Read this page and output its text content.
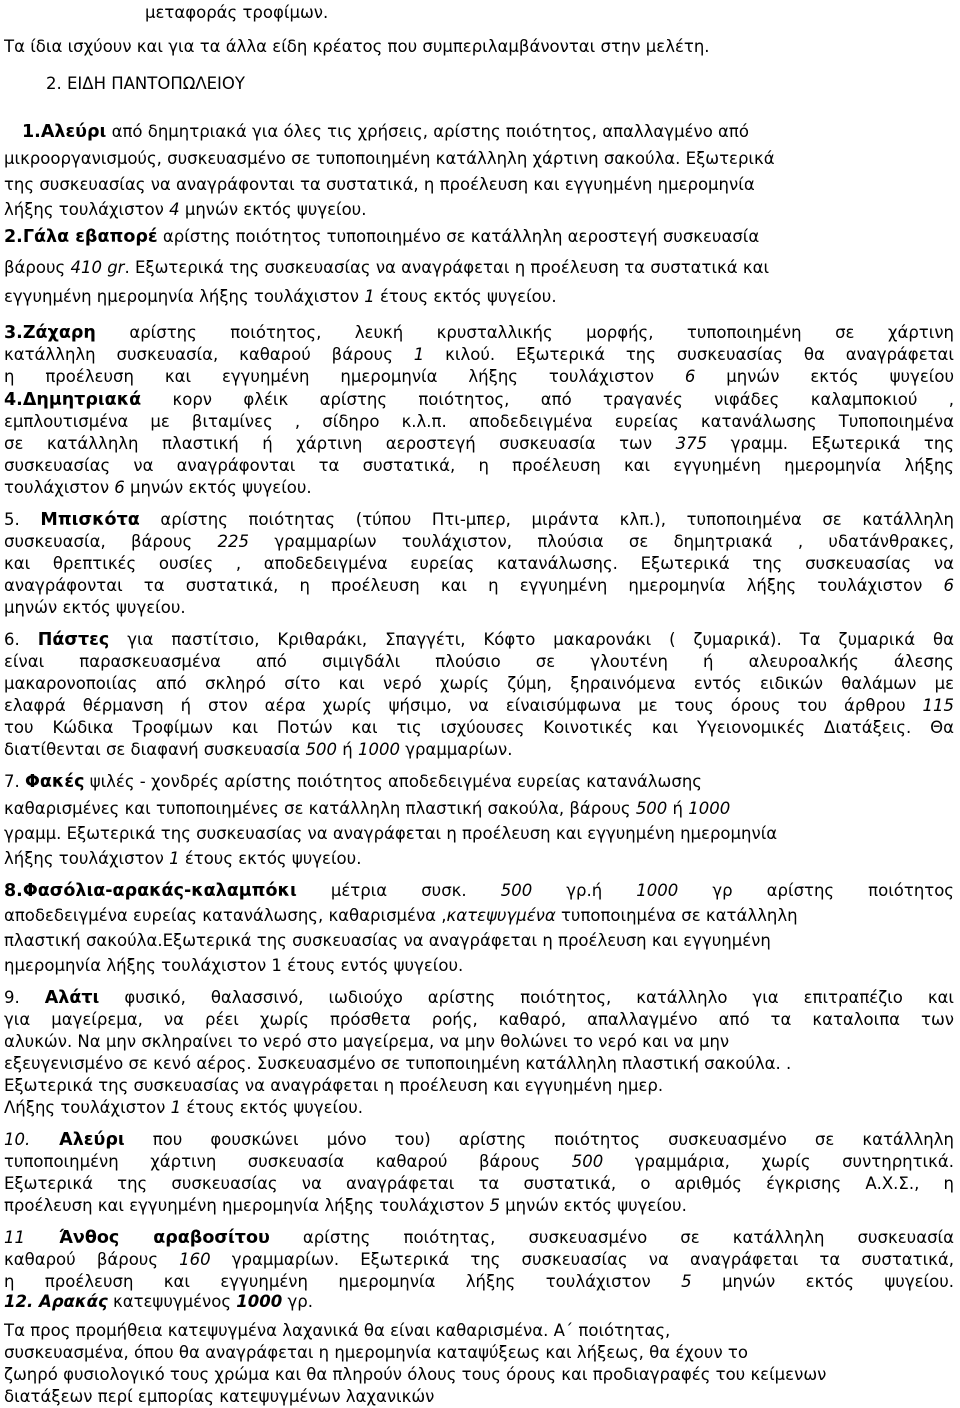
μεταφοράς τροφίμων.
Τα ίδια ισχύουν και για τα άλλα είδη κρέατος που συμπεριλαμβάνονται στην μελέτη.
2. ΕΙΔΗ ΠΑΝΤΟΠΩΛΕΙΟΥ
1.Αλεύρι από δημητριακά για όλες τις χρήσεις, αρίστης ποιότητος, απαλλαγμένο από
μικροοργανισμούς, συσκευασμένο σε τυποποιημένη κατάλληλη χάρτινη σακούλα. Εξωτερικά
της συσκευασίας να αναγράφονται τα συστατικά, η προέλευση και εγγυημένη ημερομηνία
λήξης τουλάχιστον 4 μηνών εκτός ψυγείου.
2.Γάλα εβαπορέ αρίστης ποιότητος τυποποιημένο σε κατάλληλη αεροστεγή συσκευασία
βάρους 410 gr. Εξωτερικά της συσκευασίας να αναγράφεται η προέλευση τα συστατικά και
εγγυημένη ημερομηνία λήξης τουλάχιστον 1 έτους εκτός ψυγείου.
3.Ζάχαρη αρίστης ποιότητος, λευκή κρυσταλλικής μορφής, τυποποιημένη σε χάρτινη
κατάλληλη συσκευασία, καθαρού βάρους 1 κιλού. Εξωτερικά της συσκευασίας θα αναγράφεται
η προέλευση και εγγυημένη ημερομηνία λήξης τουλάχιστον 6 μηνών εκτός ψυγείου
4.Δημητριακά κορν φλέικ αρίστης ποιότητος, από τραγανές νιφάδες καλαμποκιού ,
εμπλουτισμένα με βιταμίνες , σίδηρο κ.λ.π. αποδεδειγμένα ευρείας κατανάλωσης Τυποποιημένα
σε κατάλληλη πλαστική ή χάρτινη αεροστεγή συσκευασία των 375 γραμμ. Εξωτερικά της
συσκευασίας να αναγράφονται τα συστατικά, η προέλευση και εγγυημένη ημερομηνία λήξης
τουλάχιστον 6 μηνών εκτός ψυγείου.
5. Μπισκότα αρίστης ποιότητας (τύπου Πτι-μπερ, μιράντα κλπ.), τυποποιημένα σε κατάλληλη
συσκευασία, βάρους 225 γραμμαρίων τουλάχιστον, πλούσια σε δημητριακά , υδατάνθρακες,
και θρεπτικές ουσίες , αποδεδειγμένα ευρείας κατανάλωσης. Εξωτερικά της συσκευασίας να
αναγράφονται τα συστατικά, η προέλευση και η εγγυημένη ημερομηνία λήξης τουλάχιστον 6
μηνών εκτός ψυγείου.
6. Πάστες για παστίτσιο, Κριθαράκι, Σπαγγέτι, Κόφτο μακαρονάκι ( ζυμαρικά). Τα ζυμαρικά θα
είναι παρασκευασμένα από σιμιγδάλι πλούσιο σε γλουτένη ή αλευροαλκής άλεσης
μακαρονοποιίας από σκληρό σίτο και νερό χωρίς ζύμη, ξηραινόμενα εντός ειδικών θαλάμων με
ελαφρά θέρμανση ή στον αέρα χωρίς ψήσιμο, να είναισύμφωνα με τους όρους του άρθρου 115
του Κώδικα Τροφίμων και Ποτών και τις ισχύουσες Κοινοτικές και Υγειονομικές Διατάξεις. Θα
διατίθενται σε διαφανή συσκευασία 500 ή 1000 γραμμαρίων.
7. Φακές ψιλές - χονδρές αρίστης ποιότητος αποδεδειγμένα ευρείας κατανάλωσης
καθαρισμένες και τυποποιημένες σε κατάλληλη πλαστική σακούλα, βάρους 500 ή 1000
γραμμ. Εξωτερικά της συσκευασίας να αναγράφεται η προέλευση και εγγυημένη ημερομηνία
λήξης τουλάχιστον 1 έτους εκτός ψυγείου.
8.Φασόλια-αρακάς-καλαμπόκι μέτρια συσκ. 500 γρ.ή 1000 γρ αρίστης ποιότητος
αποδεδειγμένα ευρείας κατανάλωσης, καθαρισμένα ,κατεψυγμένα τυποποιημένα σε κατάλληλη
πλαστική σακούλα.Εξωτερικά της συσκευασίας να αναγράφεται η προέλευση και εγγυημένη
ημερομηνία λήξης τουλάχιστον 1 έτους εντός ψυγείου.
9. Αλάτι φυσικό, θαλασσινό, ιωδιούχο αρίστης ποιότητος, κατάλληλο για επιτραπέζιο και
για μαγείρεμα, να ρέει χωρίς πρόσθετα ροής, καθαρό, απαλλαγμένο από τα καταλοιπα των
αλυκών. Να μην σκληραίνει το νερό στο μαγείρεμα, να μην θολώνει το νερό και να μην
εξευγενισμένο σε κενό αέρος. Συσκευασμένο σε τυποποιημένη κατάλληλη πλαστική σακούλα. .
Εξωτερικά της συσκευασίας να αναγράφεται η προέλευση και εγγυημένη ημερ.
Λήξης τουλάχιστον 1 έτους εκτός ψυγείου.
10. Αλεύρι που φουσκώνει μόνο του) αρίστης ποιότητος συσκευασμένο σε κατάλληλη
τυποποιημένη χάρτινη συσκευασία καθαρού βάρους 500 γραμμάρια, χωρίς συντηρητικά.
Εξωτερικά της συσκευασίας να αναγράφεται τα συστατικά, ο αριθμός έγκρισης Α.Χ.Σ., η
προέλευση και εγγυημένη ημερομηνία λήξης τουλάχιστον 5 μηνών εκτός ψυγείου.
11 Άνθος αραβοσίτου αρίστης ποιότητας, συσκευασμένο σε κατάλληλη συσκευασία
καθαρού βάρους 160 γραμμαρίων. Εξωτερικά της συσκευασίας να αναγράφεται τα συστατικά,
η προέλευση και εγγυημένη ημερομηνία λήξης τουλάχιστον 5 μηνών εκτός ψυγείου.
12. Αρακάς κατεψυγμένος 1000 γρ.
Τα προς προμήθεια κατεψυγμένα λαχανικά θα είναι καθαρισμένα. Α΄ ποιότητας,
συσκευασμένα, όπου θα αναγράφεται η ημερομηνία καταψύξεως και λήξεως, θα έχουν το
ζωηρό φυσιολογικό τους χρώμα και θα πληρούν όλους τους όρους και προδιαγραφές του κείμενων
διατάξεων περί εμπορίας κατεψυγμένων λαχανικών
